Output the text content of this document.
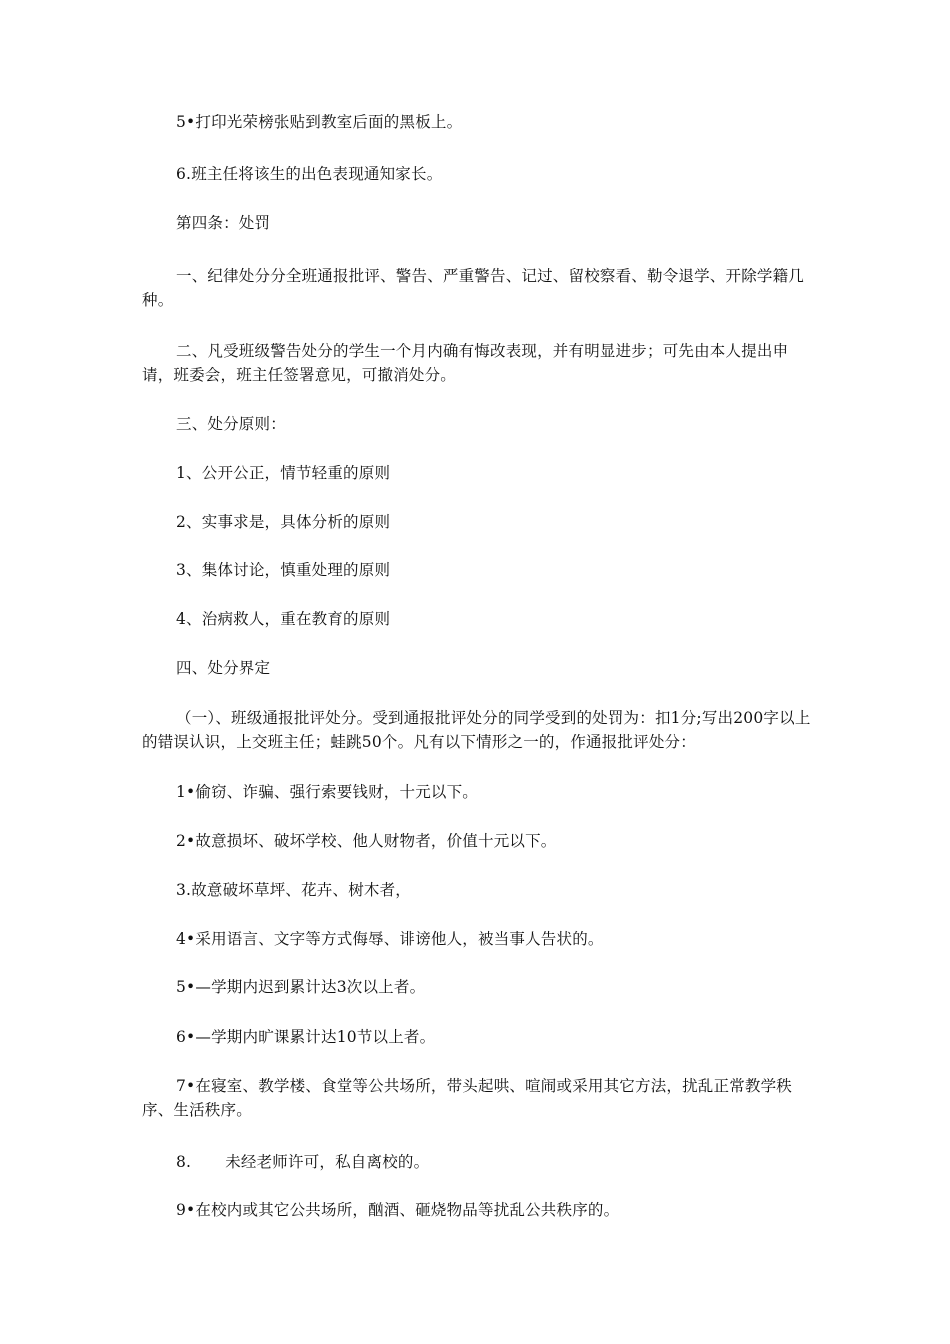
5•打印光荣榜张贴到教室后面的黑板上。

6.班主任将该生的出色表现通知家长。

第四条：处罚

一、纪律处分分全班通报批评、警告、严重警告、记过、留校察看、勒令退学、开除学籍几种。

二、凡受班级警告处分的学生一个月内确有悔改表现，并有明显进步；可先由本人提出申请，班委会，班主任签署意见，可撤消处分。

三、处分原则：

1、公开公正，情节轻重的原则

2、实事求是，具体分析的原则

3、集体讨论，慎重处理的原则

4、治病救人，重在教育的原则

四、处分界定

（一）、班级通报批评处分。受到通报批评处分的同学受到的处罚为：扣1分;写出200字以上的错误认识，上交班主任；蛙跳50个。凡有以下情形之一的，作通报批评处分：

1•偷窃、诈骗、强行索要钱财，十元以下。

2•故意损坏、破坏学校、他人财物者，价值十元以下。

3.故意破坏草坪、花卉、树木者，

4•采用语言、文字等方式侮辱、诽谤他人，被当事人告状的。

5•—学期内迟到累计达3次以上者。

6•—学期内旷课累计达10节以上者。

7•在寝室、教学楼、食堂等公共场所，带头起哄、喧闹或采用其它方法，扰乱正常教学秩序、生活秩序。

8. 未经老师许可，私自离校的。

9•在校内或其它公共场所，酗酒、砸烧物品等扰乱公共秩序的。
